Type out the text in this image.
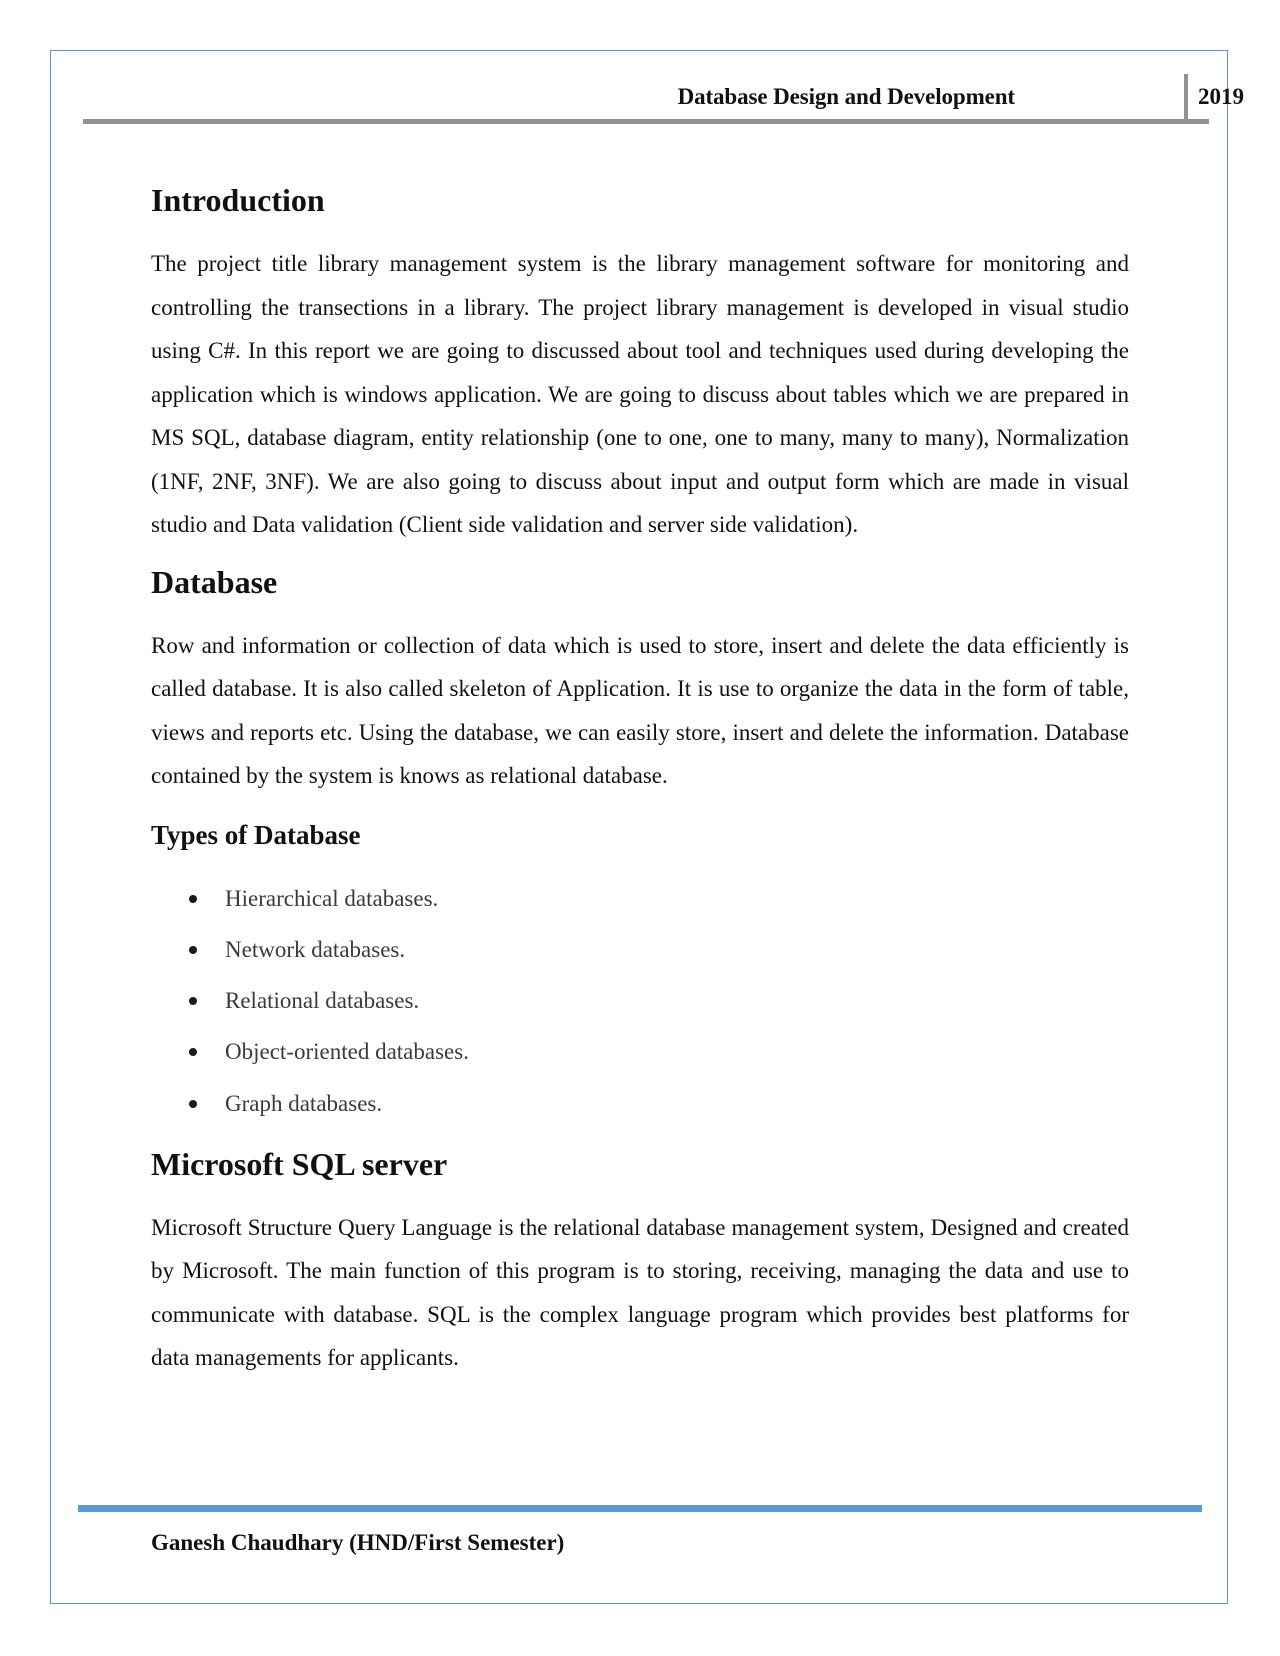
Database Design and Development	2019
Introduction

The project title library management system is the library management software for monitoring and controlling the transections in a library. The project library management is developed in visual studio using C#. In this report we are going to discussed about tool and techniques used during developing the application which is windows application. We are going to discuss about tables which we are prepared in MS SQL, database diagram, entity relationship (one to one, one to many, many to many), Normalization (1NF, 2NF, 3NF). We are also going to discuss about input and output form which are made in visual studio and Data validation (Client side validation and server side validation).

Database

Row and information or collection of data which is used to store, insert and delete the data efficiently is called database. It is also called skeleton of Application. It is use to organize the data in the form of table, views and reports etc. Using the database, we can easily store, insert and delete the information. Database contained by the system is knows as relational database.

Types of Database
Hierarchical databases.
Network databases.
Relational databases.
Object-oriented databases.
Graph databases.
Microsoft SQL server

Microsoft Structure Query Language is the relational database management system, Designed and created by Microsoft. The main function of this program is to storing, receiving, managing the data and use to communicate with database. SQL is the complex language program which provides best platforms for data managements for applicants.

Ganesh Chaudhary (HND/First Semester)
